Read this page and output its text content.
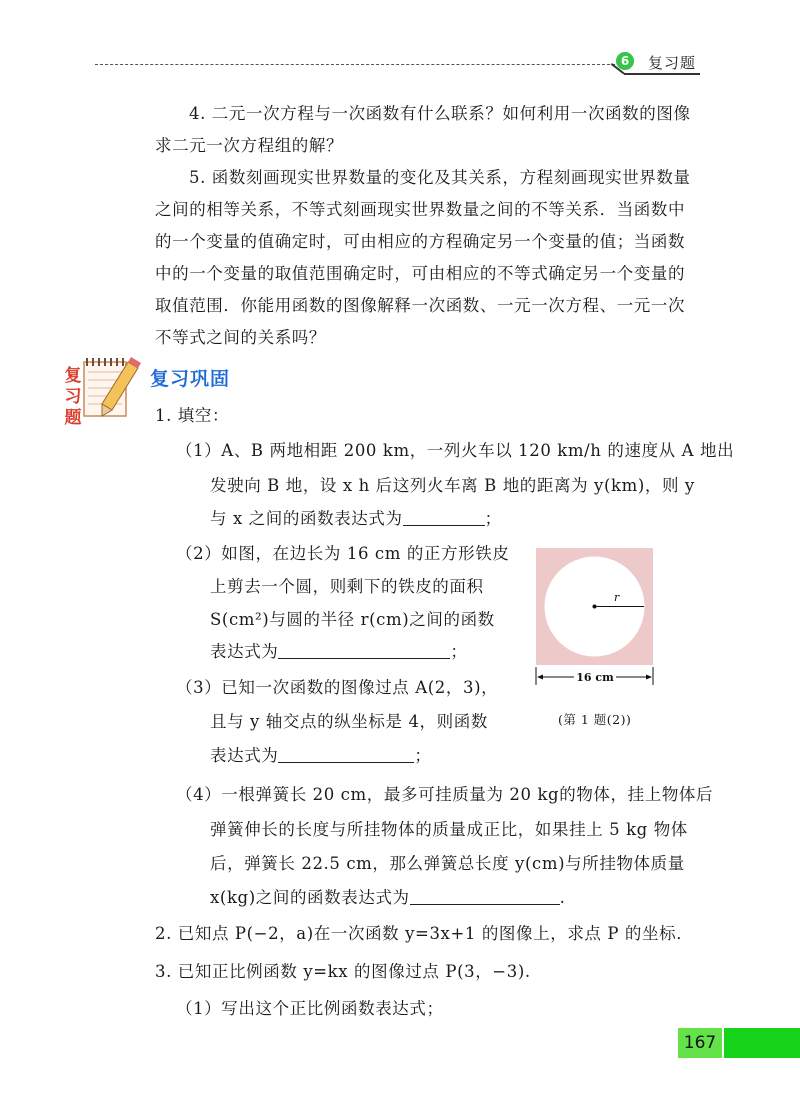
6	复习题

4. 二元一次方程与一次函数有什么联系？如何利用一次函数的图像求二元一次方程组的解？

5. 函数刻画现实世界数量的变化及其关系，方程刻画现实世界数量之间的相等关系，不等式刻画现实世界数量之间的不等关系．当函数中的一个变量的值确定时，可由相应的方程确定另一个变量的值；当函数中的一个变量的取值范围确定时，可由相应的不等式确定另一个变量的取值范围．你能用函数的图像解释一次函数、一元一次方程、一元一次不等式之间的关系吗？

复
习
题
复习巩固
1. 填空：
（1）A、B 两地相距 200 km，一列火车以 120 km/h 的速度从 A 地出
发驶向 B 地，设 x h 后这列火车离 B 地的距离为 y(km)，则 y
与 x 之间的函数表达式为	；
（2）如图，在边长为 16 cm 的正方形铁皮
上剪去一个圆，则剩下的铁皮的面积
S(cm²)与圆的半径 r(cm)之间的函数
表达式为	；
（3）已知一次函数的图像过点 A(2，3)，
且与 y 轴交点的纵坐标是 4，则函数
表达式为	；
r
16 cm
(第 1 题(2))
（4）一根弹簧长 20 cm，最多可挂质量为 20 kg的物体，挂上物体后
弹簧伸长的长度与所挂物体的质量成正比，如果挂上 5 kg 物体
后，弹簧长 22.5 cm，那么弹簧总长度 y(cm)与所挂物体质量
x(kg)之间的函数表达式为	.
2. 已知点 P(−2，a)在一次函数 y=3x+1 的图像上，求点 P 的坐标．
3. 已知正比例函数 y=kx 的图像过点 P(3，−3).
（1）写出这个正比例函数表达式；
167
